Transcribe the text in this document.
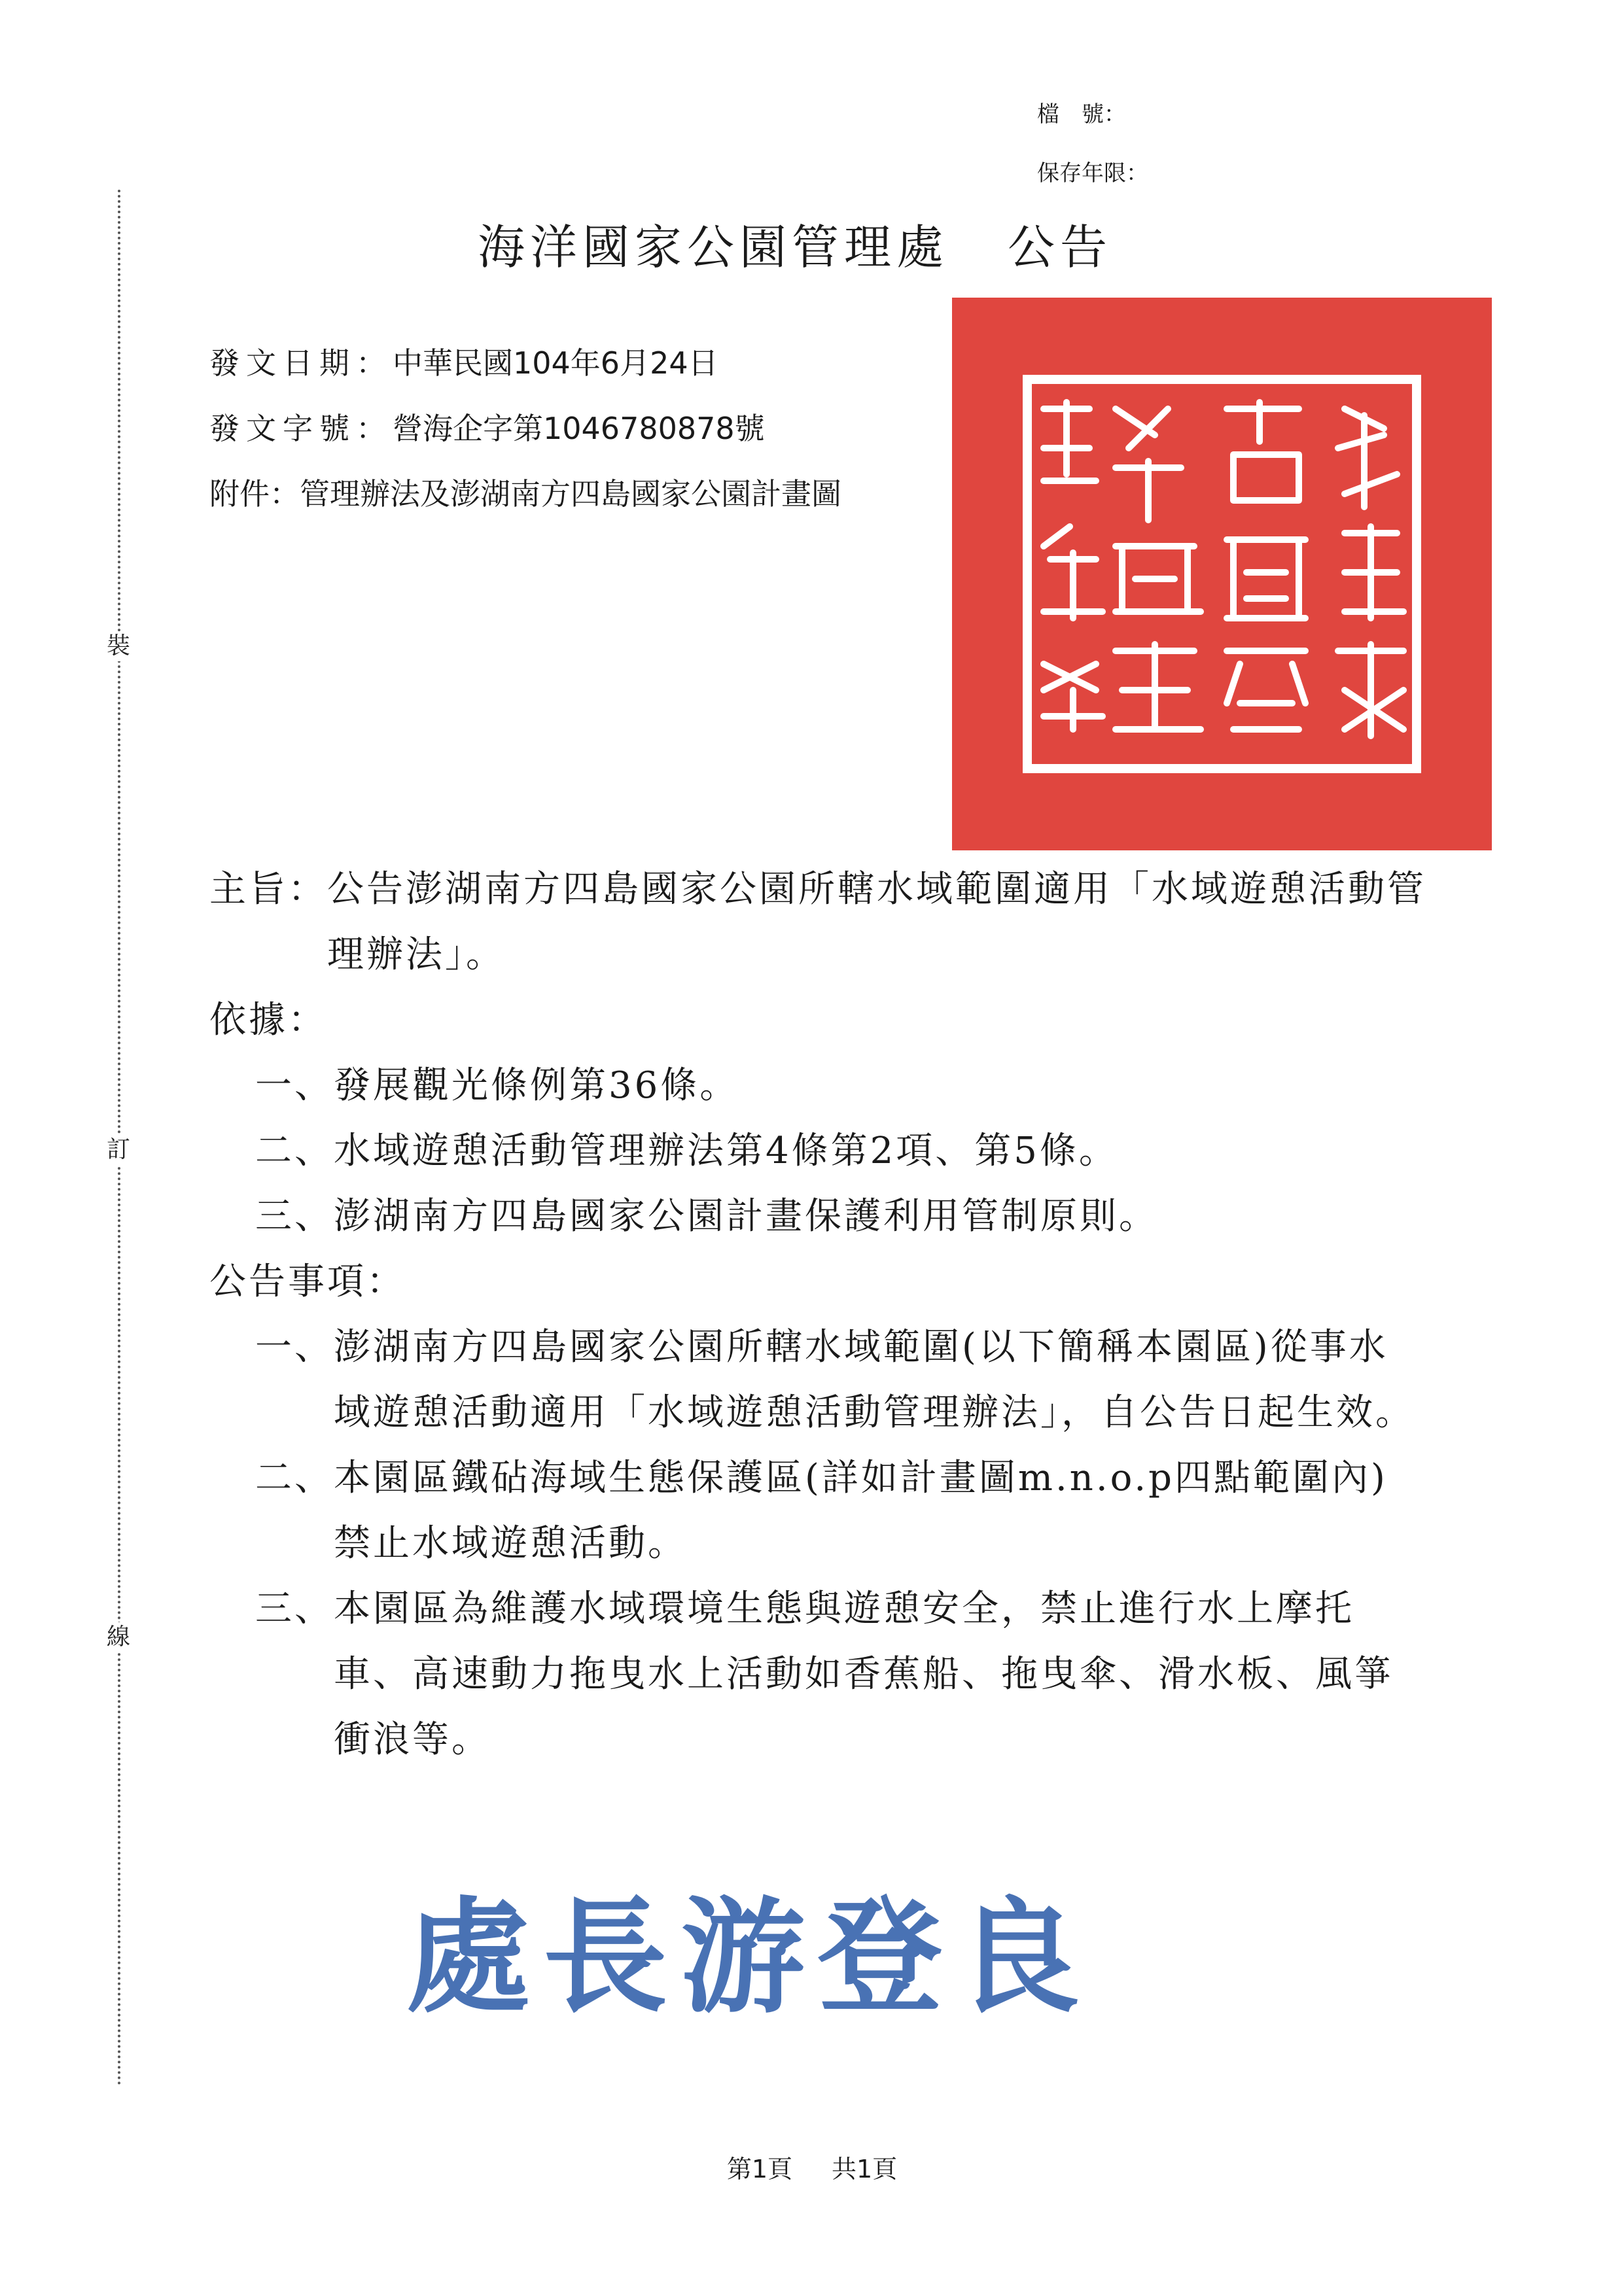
裝
訂
線
檔　號：
保存年限：
海洋國家公園管理處 公告
發文日期：中華民國104年6月24日
發文字號：營海企字第1046780878號
附件：管理辦法及澎湖南方四島國家公園計畫圖
主旨： 公告澎湖南方四島國家公園所轄水域範圍適用「水域遊憩活動管理辦法」。
依據：
一、 發展觀光條例第36條。
二、 水域遊憩活動管理辦法第4條第2項、第5條。
三、 澎湖南方四島國家公園計畫保護利用管制原則。
公告事項：
一、 澎湖南方四島國家公園所轄水域範圍(以下簡稱本園區)從事水域遊憩活動適用「水域遊憩活動管理辦法」，自公告日起生效。
二、 本園區鐵砧海域生態保護區(詳如計畫圖m.n.o.p四點範圍內) 禁止水域遊憩活動。
三、 本園區為維護水域環境生態與遊憩安全，禁止進行水上摩托車、高速動力拖曳水上活動如香蕉船、拖曳傘、滑水板、風箏衝浪等。
處長游登良
第1頁 共1頁
